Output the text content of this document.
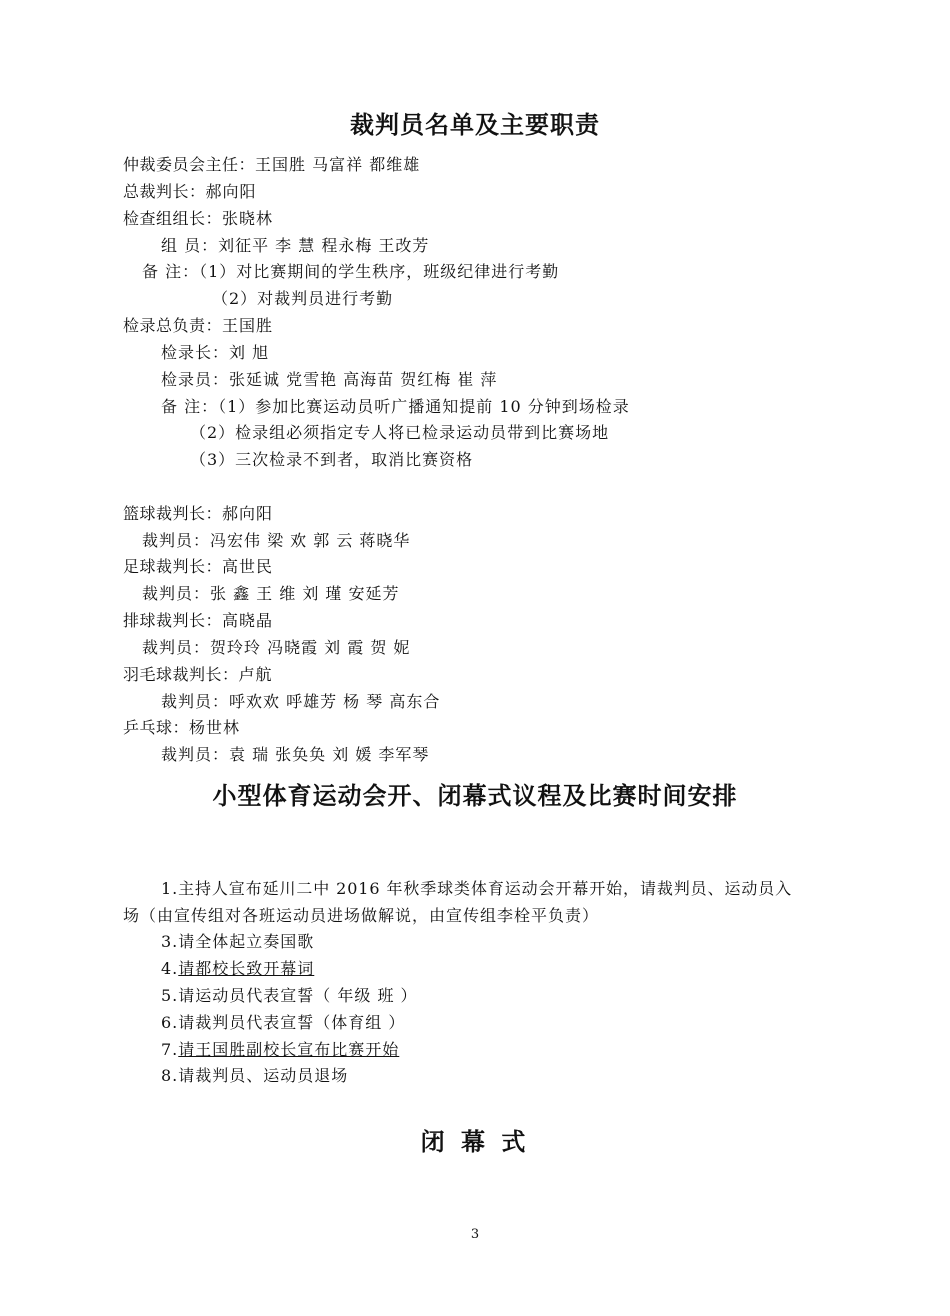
裁判员名单及主要职责
仲裁委员会主任：王国胜 马富祥 都维雄
总裁判长：郝向阳
检查组组长：张晓林
组 员：刘征平 李 慧 程永梅 王改芳
备 注：（1）对比赛期间的学生秩序，班级纪律进行考勤
（2）对裁判员进行考勤
检录总负责：王国胜
检录长：刘 旭
检录员：张延诚 党雪艳 高海苗 贺红梅 崔 萍
备 注：（1）参加比赛运动员听广播通知提前 10 分钟到场检录
（2）检录组必须指定专人将已检录运动员带到比赛场地
（3）三次检录不到者，取消比赛资格
篮球裁判长：郝向阳
裁判员：冯宏伟 梁 欢 郭 云 蒋晓华
足球裁判长：高世民
裁判员：张 鑫 王 维 刘 瑾 安延芳
排球裁判长：高晓晶
裁判员：贺玲玲 冯晓霞 刘 霞 贺 妮
羽毛球裁判长：卢航
裁判员：呼欢欢 呼雄芳 杨 琴 高东合
乒乓球：杨世林
裁判员：袁 瑞 张奂奂 刘 媛 李军琴
小型体育运动会开、闭幕式议程及比赛时间安排
1.主持人宣布延川二中 2016 年秋季球类体育运动会开幕开始，请裁判员、运动员入
场（由宣传组对各班运动员进场做解说，由宣传组李栓平负责）
3.请全体起立奏国歌
4.请都校长致开幕词
5.请运动员代表宣誓（ 年级 班 ）
6.请裁判员代表宣誓（体育组 ）
7.请王国胜副校长宣布比赛开始
8.请裁判员、运动员退场
闭 幕 式
3
